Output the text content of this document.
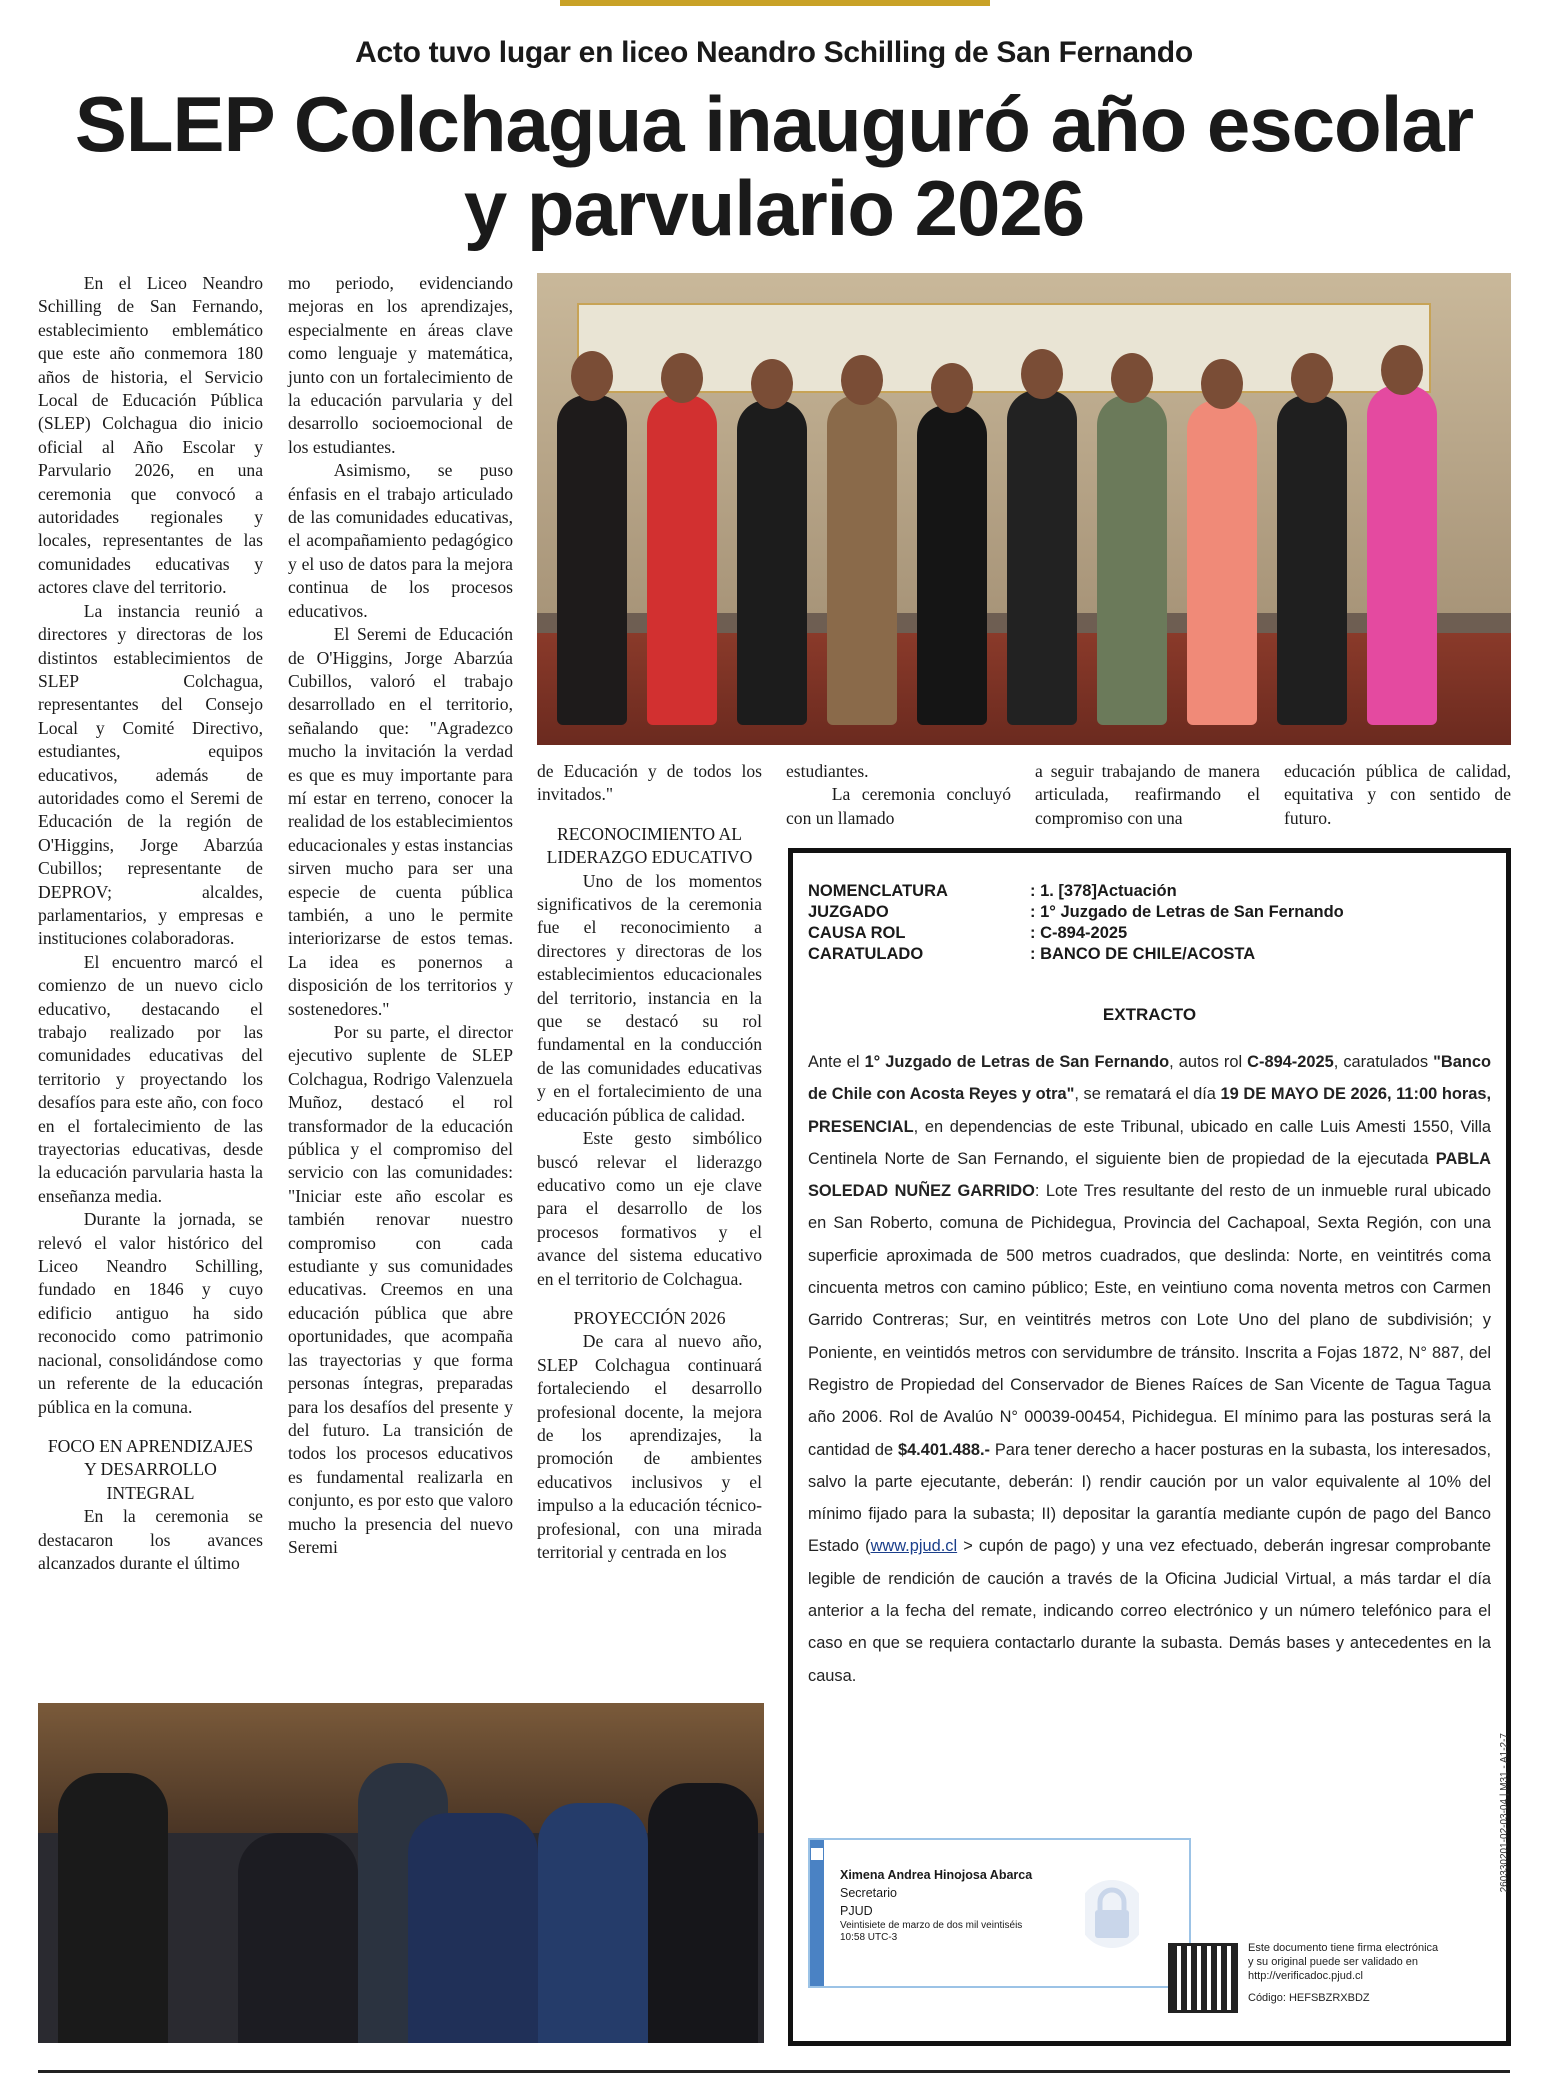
Acto tuvo lugar en liceo Neandro Schilling de San Fernando
SLEP Colchagua inauguró año escolar
y parvulario 2026

En el Liceo Neandro Schilling de San Fernando, establecimiento emblemático que este año conmemora 180 años de historia, el Servicio Local de Educación Pública (SLEP) Colchagua dio inicio oficial al Año Escolar y Parvulario 2026, en una ceremonia que convocó a autoridades regionales y locales, representantes de las comunidades educativas y actores clave del territorio.

La instancia reunió a directores y directoras de los distintos establecimientos de SLEP Colchagua, representantes del Consejo Local y Comité Directivo, estudiantes, equipos educativos, además de autoridades como el Seremi de Educación de la región de O'Higgins, Jorge Abarzúa Cubillos; representante de DEPROV; alcaldes, parlamentarios, y empresas e instituciones colaboradoras.

El encuentro marcó el comienzo de un nuevo ciclo educativo, destacando el trabajo realizado por las comunidades educativas del territorio y proyectando los desafíos para este año, con foco en el fortalecimiento de las trayectorias educativas, desde la educación parvularia hasta la enseñanza media.

Durante la jornada, se relevó el valor histórico del Liceo Neandro Schilling, fundado en 1846 y cuyo edificio antiguo ha sido reconocido como patrimonio nacional, consolidándose como un referente de la educación pública en la comuna.

FOCO EN APRENDIZAJES Y DESARROLLO INTEGRAL

En la ceremonia se destacaron los avances alcanzados durante el último

mo periodo, evidenciando mejoras en los aprendizajes, especialmente en áreas clave como lenguaje y matemática, junto con un fortalecimiento de la educación parvularia y del desarrollo socioemocional de los estudiantes.

Asimismo, se puso énfasis en el trabajo articulado de las comunidades educativas, el acompañamiento pedagógico y el uso de datos para la mejora continua de los procesos educativos.

El Seremi de Educación de O'Higgins, Jorge Abarzúa Cubillos, valoró el trabajo desarrollado en el territorio, señalando que: "Agradezco mucho la invitación la verdad es que es muy importante para mí estar en terreno, conocer la realidad de los establecimientos educacionales y estas instancias sirven mucho para ser una especie de cuenta pública también, a uno le permite interiorizarse de estos temas. La idea es ponernos a disposición de los territorios y sostenedores."

Por su parte, el director ejecutivo suplente de SLEP Colchagua, Rodrigo Valenzuela Muñoz, destacó el rol transformador de la educación pública y el compromiso del servicio con las comunidades: "Iniciar este año escolar es también renovar nuestro compromiso con cada estudiante y sus comunidades educativas. Creemos en una educación pública que abre oportunidades, que acompaña las trayectorias y que forma personas íntegras, preparadas para los desafíos del presente y del futuro. La transición de todos los procesos educativos es fundamental realizarla en conjunto, es por esto que valoro mucho la presencia del nuevo Seremi

de Educación y de todos los invitados."

RECONOCIMIENTO AL LIDERAZGO EDUCATIVO

Uno de los momentos significativos de la ceremonia fue el reconocimiento a directores y directoras de los establecimientos educacionales del territorio, instancia en la que se destacó su rol fundamental en la conducción de las comunidades educativas y en el fortalecimiento de una educación pública de calidad.

Este gesto simbólico buscó relevar el liderazgo educativo como un eje clave para el desarrollo de los procesos formativos y el avance del sistema educativo en el territorio de Colchagua.

PROYECCIÓN 2026

De cara al nuevo año, SLEP Colchagua continuará fortaleciendo el desarrollo profesional docente, la mejora de los aprendizajes, la promoción de ambientes educativos inclusivos y el impulso a la educación técnico-profesional, con una mirada territorial y centrada en los

estudiantes.

La ceremonia concluyó con un llamado

a seguir trabajando de manera articulada, reafirmando el compromiso con una

educación pública de calidad, equitativa y con sentido de futuro.

NOMENCLATURA	: 1. [378]Actuación
JUZGADO	: 1° Juzgado de Letras de San Fernando
CAUSA ROL	: C-894-2025
CARATULADO	: BANCO DE CHILE/ACOSTA
EXTRACTO
Ante el 1° Juzgado de Letras de San Fernando, autos rol C-894-2025, caratulados "Banco de Chile con Acosta Reyes y otra", se rematará el día 19 DE MAYO DE 2026, 11:00 horas, PRESENCIAL, en dependencias de este Tribunal, ubicado en calle Luis Amesti 1550, Villa Centinela Norte de San Fernando, el siguiente bien de propiedad de la ejecutada PABLA SOLEDAD NUÑEZ GARRIDO: Lote Tres resultante del resto de un inmueble rural ubicado en San Roberto, comuna de Pichidegua, Provincia del Cachapoal, Sexta Región, con una superficie aproximada de 500 metros cuadrados, que deslinda: Norte, en veintitrés coma cincuenta metros con camino público; Este, en veintiuno coma noventa metros con Carmen Garrido Contreras; Sur, en veintitrés metros con Lote Uno del plano de subdivisión; y Poniente, en veintidós metros con servidumbre de tránsito. Inscrita a Fojas 1872, N° 887, del Registro de Propiedad del Conservador de Bienes Raíces de San Vicente de Tagua Tagua año 2006. Rol de Avalúo N° 00039-00454, Pichidegua. El mínimo para las posturas será la cantidad de $4.401.488.- Para tener derecho a hacer posturas en la subasta, los interesados, salvo la parte ejecutante, deberán: I) rendir caución por un valor equivalente al 10% del mínimo fijado para la subasta; II) depositar la garantía mediante cupón de pago del Banco Estado (www.pjud.cl > cupón de pago) y una vez efectuado, deberán ingresar comprobante legible de rendición de caución a través de la Oficina Judicial Virtual, a más tardar el día anterior a la fecha del remate, indicando correo electrónico y un número telefónico para el caso en que se requiera contactarlo durante la subasta. Demás bases y antecedentes en la causa.
Ximena Andrea Hinojosa Abarca
Secretario
PJUD
Veintisiete de marzo de dos mil veintiséis
10:58 UTC-3
Este documento tiene firma electrónica
y su original puede ser validado en
http://verificadoc.pjud.cl
Código: HEFSBZRXBDZ
260330201-02-03-04 | M31 - A1-2-7
